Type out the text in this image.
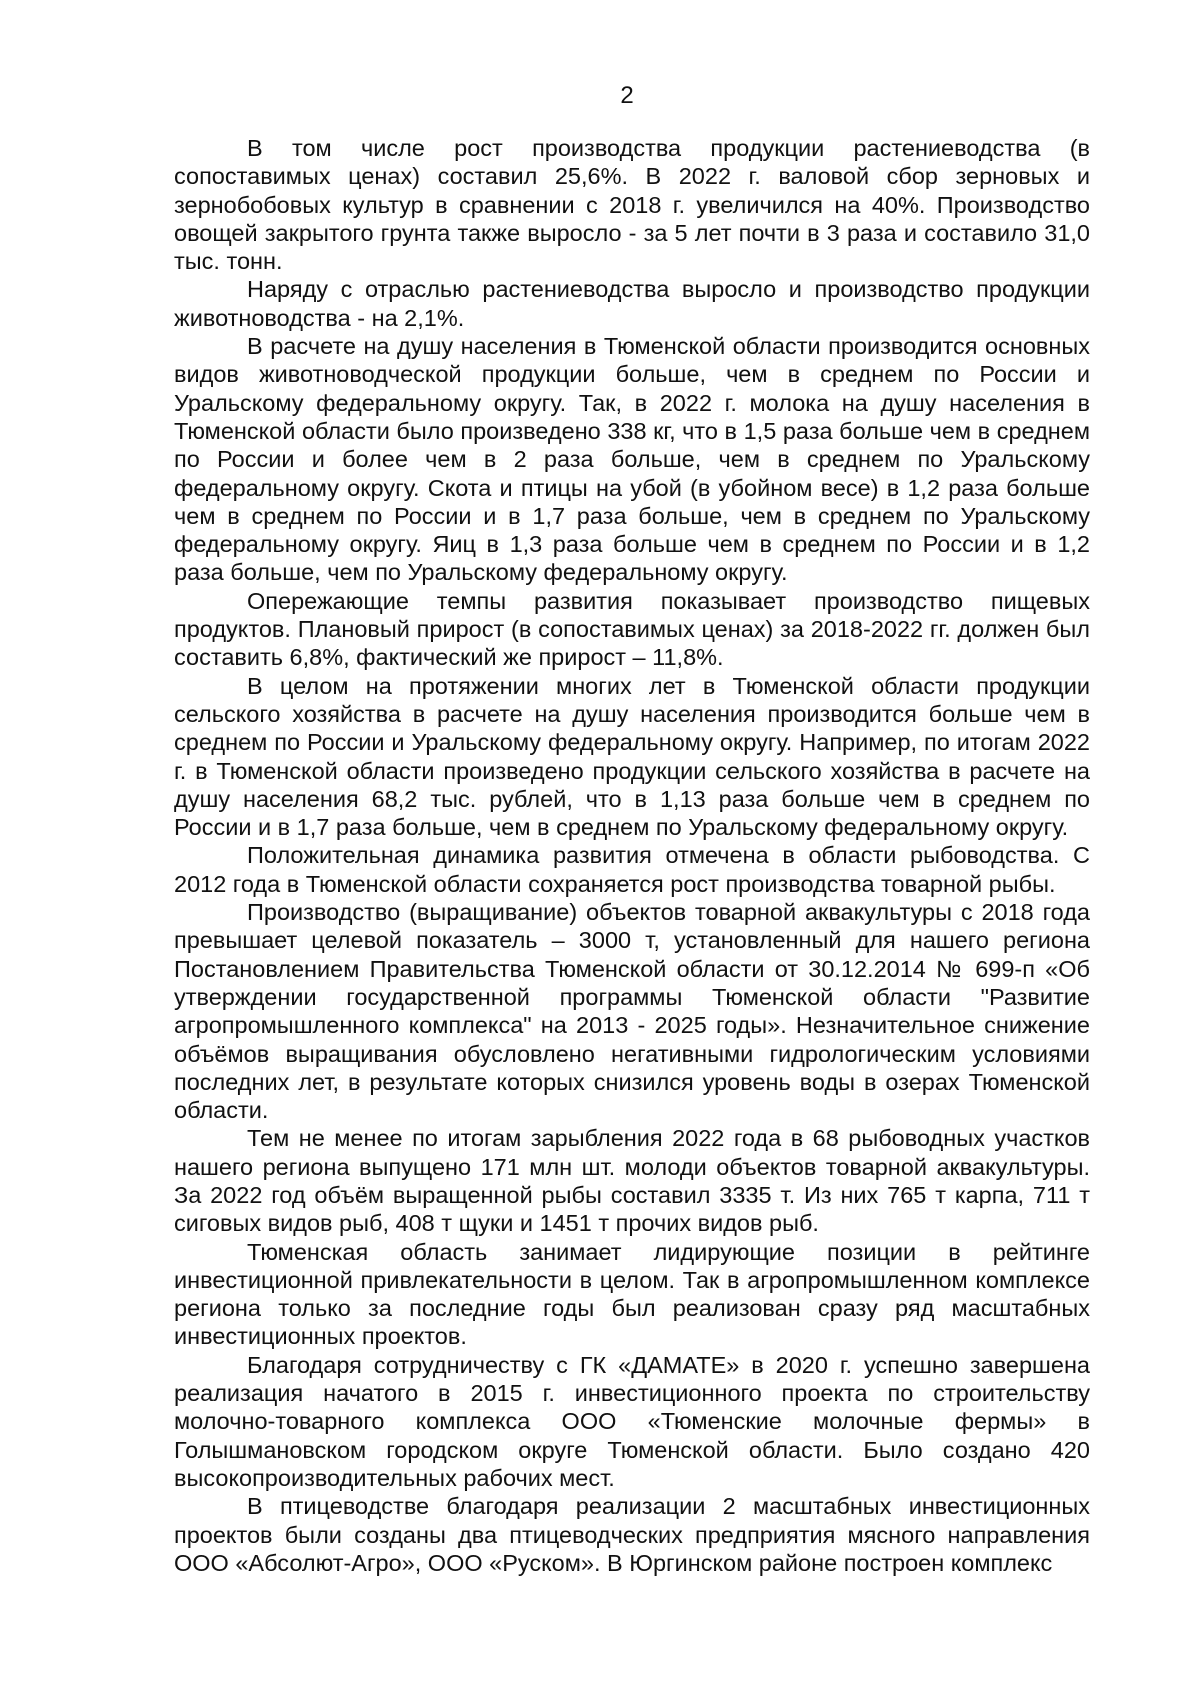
2

В том числе рост производства продукции растениеводства (в сопоставимых ценах) составил 25,6%. В 2022 г. валовой сбор зерновых и зернобобовых культур в сравнении с 2018 г. увеличился на 40%. Производство овощей закрытого грунта также выросло - за 5 лет почти в 3 раза и составило 31,0 тыс. тонн.

Наряду с отраслью растениеводства выросло и производство продукции животноводства - на 2,1%.

В расчете на душу населения в Тюменской области производится основных видов животноводческой продукции больше, чем в среднем по России и Уральскому федеральному округу. Так, в 2022 г. молока на душу населения в Тюменской области было произведено 338 кг, что в 1,5 раза больше чем в среднем по России и более чем в 2 раза больше, чем в среднем по Уральскому федеральному округу. Скота и птицы на убой (в убойном весе) в 1,2 раза больше чем в среднем по России и в 1,7 раза больше, чем в среднем по Уральскому федеральному округу. Яиц в 1,3 раза больше чем в среднем по России и в 1,2 раза больше, чем по Уральскому федеральному округу.

Опережающие темпы развития показывает производство пищевых продуктов. Плановый прирост (в сопоставимых ценах) за 2018-2022 гг. должен был составить 6,8%, фактический же прирост – 11,8%.

В целом на протяжении многих лет в Тюменской области продукции сельского хозяйства в расчете на душу населения производится больше чем в среднем по России и Уральскому федеральному округу. Например, по итогам 2022 г. в Тюменской области произведено продукции сельского хозяйства в расчете на душу населения 68,2 тыс. рублей, что в 1,13 раза больше чем в среднем по России и в 1,7 раза больше, чем в среднем по Уральскому федеральному округу.

Положительная динамика развития отмечена в области рыбоводства. С 2012 года в Тюменской области сохраняется рост производства товарной рыбы.

Производство (выращивание) объектов товарной аквакультуры с 2018 года превышает целевой показатель – 3000 т, установленный для нашего региона Постановлением Правительства Тюменской области от 30.12.2014 № 699-п «Об утверждении государственной программы Тюменской области "Развитие агропромышленного комплекса" на 2013 - 2025 годы». Незначительное снижение объёмов выращивания обусловлено негативными гидрологическим условиями последних лет, в результате которых снизился уровень воды в озерах Тюменской области.

Тем не менее по итогам зарыбления 2022 года в 68 рыбоводных участков нашего региона выпущено 171 млн шт. молоди объектов товарной аквакультуры. За 2022 год объём выращенной рыбы составил 3335 т. Из них 765 т карпа, 711 т сиговых видов рыб, 408 т щуки и 1451 т прочих видов рыб.

Тюменская область занимает лидирующие позиции в рейтинге инвестиционной привлекательности в целом. Так в агропромышленном комплексе региона только за последние годы был реализован сразу ряд масштабных инвестиционных проектов.

Благодаря сотрудничеству с ГК «ДАМАТЕ» в 2020 г. успешно завершена реализация начатого в 2015 г. инвестиционного проекта по строительству молочно-товарного комплекса ООО «Тюменские молочные фермы» в Голышмановском городском округе Тюменской области. Было создано 420 высокопроизводительных рабочих мест.

В птицеводстве благодаря реализации 2 масштабных инвестиционных проектов были созданы два птицеводческих предприятия мясного направления ООО «Абсолют-Агро», ООО «Руском». В Юргинском районе построен комплекс
